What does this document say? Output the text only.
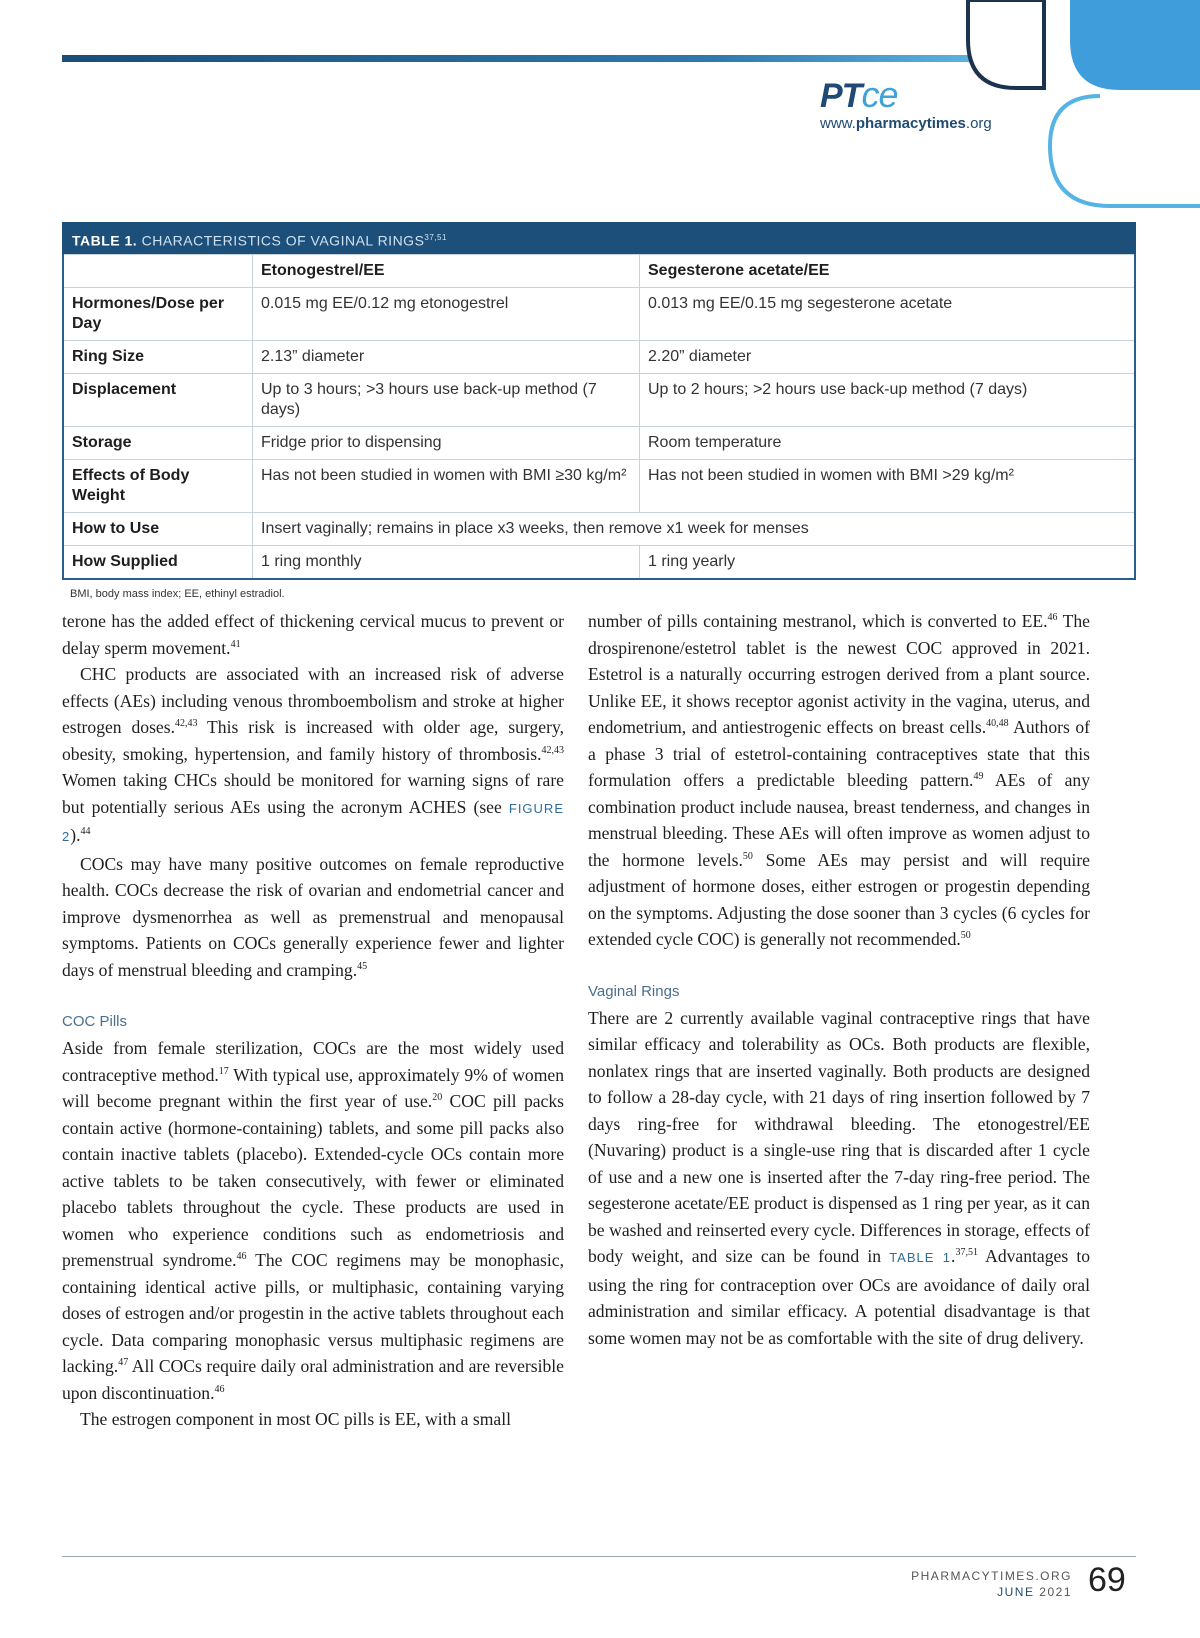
PTce
www.pharmacytimes.org
TABLE 1. CHARACTERISTICS OF VAGINAL RINGS$^{37,51}$
	Etonogestrel/EE	Segesterone acetate/EE
Hormones/Dose per Day	0.015 mg EE/0.12 mg etonogestrel	0.013 mg EE/0.15 mg segesterone acetate
Ring Size	2.13” diameter	2.20” diameter
Displacement	Up to 3 hours; >3 hours use back-up method (7 days)	Up to 2 hours; >2 hours use back-up method (7 days)
Storage	Fridge prior to dispensing	Room temperature
Effects of Body Weight	Has not been studied in women with BMI ≥30 kg/m²	Has not been studied in women with BMI >29 kg/m²
How to Use	Insert vaginally; remains in place x3 weeks, then remove x1 week for menses	
How Supplied	1 ring monthly	1 ring yearly
BMI, body mass index; EE, ethinyl estradiol.

terone has the added effect of thickening cervical mucus to prevent or delay sperm movement.$^{41}$

CHC products are associated with an increased risk of adverse effects (AEs) including venous thromboembolism and stroke at higher estrogen doses.$^{42,43}$ This risk is increased with older age, surgery, obesity, smoking, hypertension, and family history of thrombosis.$^{42,43}$ Women taking CHCs should be monitored for warning signs of rare but potentially serious AEs using the acronym ACHES (see FIGURE 2).$^{44}$

COCs may have many positive outcomes on female reproductive health. COCs decrease the risk of ovarian and endometrial cancer and improve dysmenorrhea as well as premenstrual and menopausal symptoms. Patients on COCs generally experience fewer and lighter days of menstrual bleeding and cramping.$^{45}$

COC Pills

Aside from female sterilization, COCs are the most widely used contraceptive method.$^{17}$ With typical use, approximately 9% of women will become pregnant within the first year of use.$^{20}$ COC pill packs contain active (hormone-containing) tablets, and some pill packs also contain inactive tablets (placebo). Extended-cycle OCs contain more active tablets to be taken consecutively, with fewer or eliminated placebo tablets throughout the cycle. These products are used in women who experience conditions such as endometriosis and premenstrual syndrome.$^{46}$ The COC regimens may be monophasic, containing identical active pills, or multiphasic, containing varying doses of estrogen and/or progestin in the active tablets throughout each cycle. Data comparing monophasic versus multiphasic regimens are lacking.$^{47}$ All COCs require daily oral administration and are reversible upon discontinuation.$^{46}$

The estrogen component in most OC pills is EE, with a small

number of pills containing mestranol, which is converted to EE.$^{46}$ The drospirenone/estetrol tablet is the newest COC approved in 2021. Estetrol is a naturally occurring estrogen derived from a plant source. Unlike EE, it shows receptor agonist activity in the vagina, uterus, and endometrium, and antiestrogenic effects on breast cells.$^{40,48}$ Authors of a phase 3 trial of estetrol-containing contraceptives state that this formulation offers a predictable bleeding pattern.$^{49}$ AEs of any combination product include nausea, breast tenderness, and changes in menstrual bleeding. These AEs will often improve as women adjust to the hormone levels.$^{50}$ Some AEs may persist and will require adjustment of hormone doses, either estrogen or progestin depending on the symptoms. Adjusting the dose sooner than 3 cycles (6 cycles for extended cycle COC) is generally not recommended.$^{50}$

Vaginal Rings

There are 2 currently available vaginal contraceptive rings that have similar efficacy and tolerability as OCs. Both products are flexible, nonlatex rings that are inserted vaginally. Both products are designed to follow a 28-day cycle, with 21 days of ring insertion followed by 7 days ring-free for withdrawal bleeding. The etonogestrel/EE (Nuvaring) product is a single-use ring that is discarded after 1 cycle of use and a new one is inserted after the 7-day ring-free period. The segesterone acetate/EE product is dispensed as 1 ring per year, as it can be washed and reinserted every cycle. Differences in storage, effects of body weight, and size can be found in TABLE 1.$^{37,51}$ Advantages to using the ring for contraception over OCs are avoidance of daily oral administration and similar efficacy. A potential disadvantage is that some women may not be as comfortable with the site of drug delivery.

PHARMACYTIMES.ORG
JUNE 2021 69
